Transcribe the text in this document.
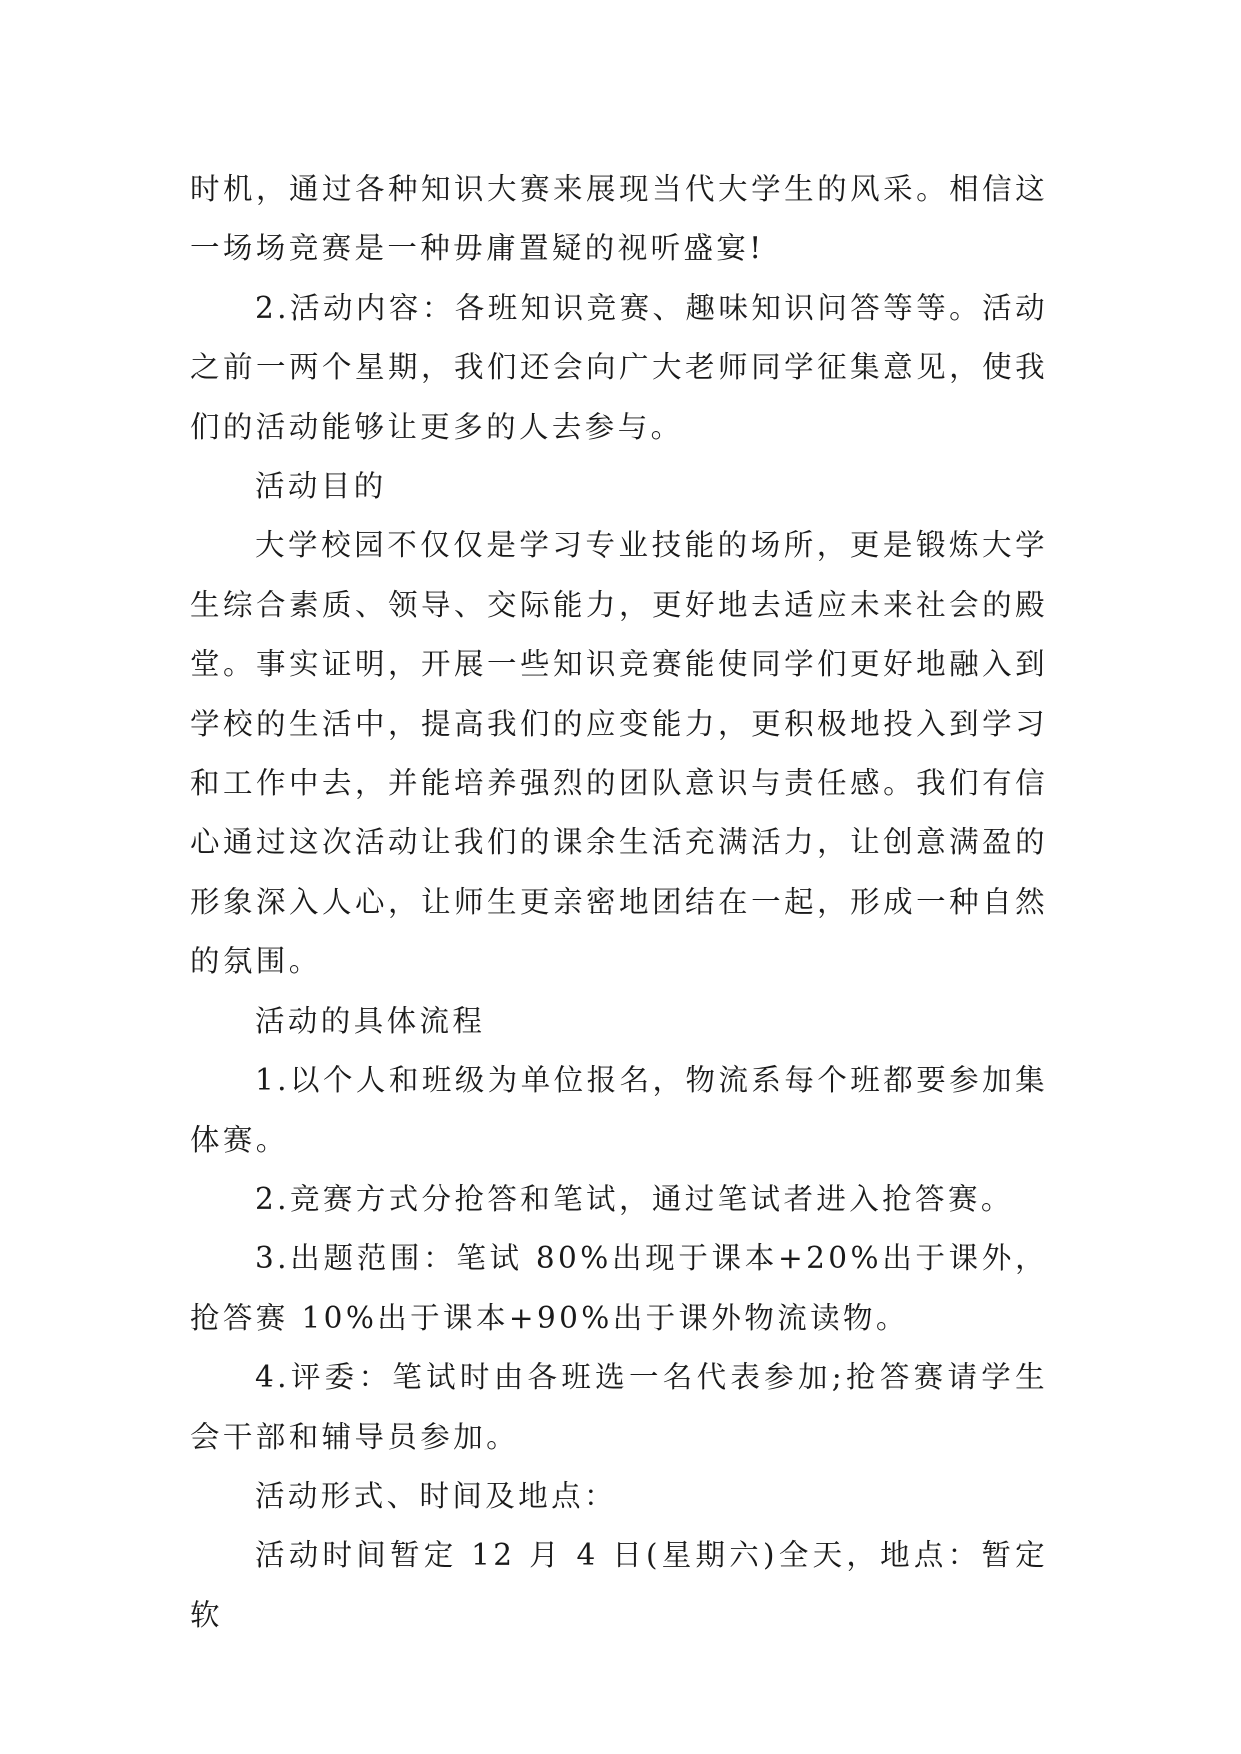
时机，通过各种知识大赛来展现当代大学生的风采。相信这一场场竞赛是一种毋庸置疑的视听盛宴!

2.活动内容：各班知识竞赛、趣味知识问答等等。活动之前一两个星期，我们还会向广大老师同学征集意见，使我们的活动能够让更多的人去参与。

活动目的

大学校园不仅仅是学习专业技能的场所，更是锻炼大学生综合素质、领导、交际能力，更好地去适应未来社会的殿堂。事实证明，开展一些知识竞赛能使同学们更好地融入到学校的生活中，提高我们的应变能力，更积极地投入到学习和工作中去，并能培养强烈的团队意识与责任感。我们有信心通过这次活动让我们的课余生活充满活力，让创意满盈的形象深入人心，让师生更亲密地团结在一起，形成一种自然的氛围。

活动的具体流程

1.以个人和班级为单位报名，物流系每个班都要参加集体赛。

2.竞赛方式分抢答和笔试，通过笔试者进入抢答赛。

3.出题范围：笔试 80%出现于课本+20%出于课外，抢答赛 10%出于课本+90%出于课外物流读物。

4.评委：笔试时由各班选一名代表参加;抢答赛请学生会干部和辅导员参加。

活动形式、时间及地点：

活动时间暂定 12 月 4 日(星期六)全天，地点：暂定软
